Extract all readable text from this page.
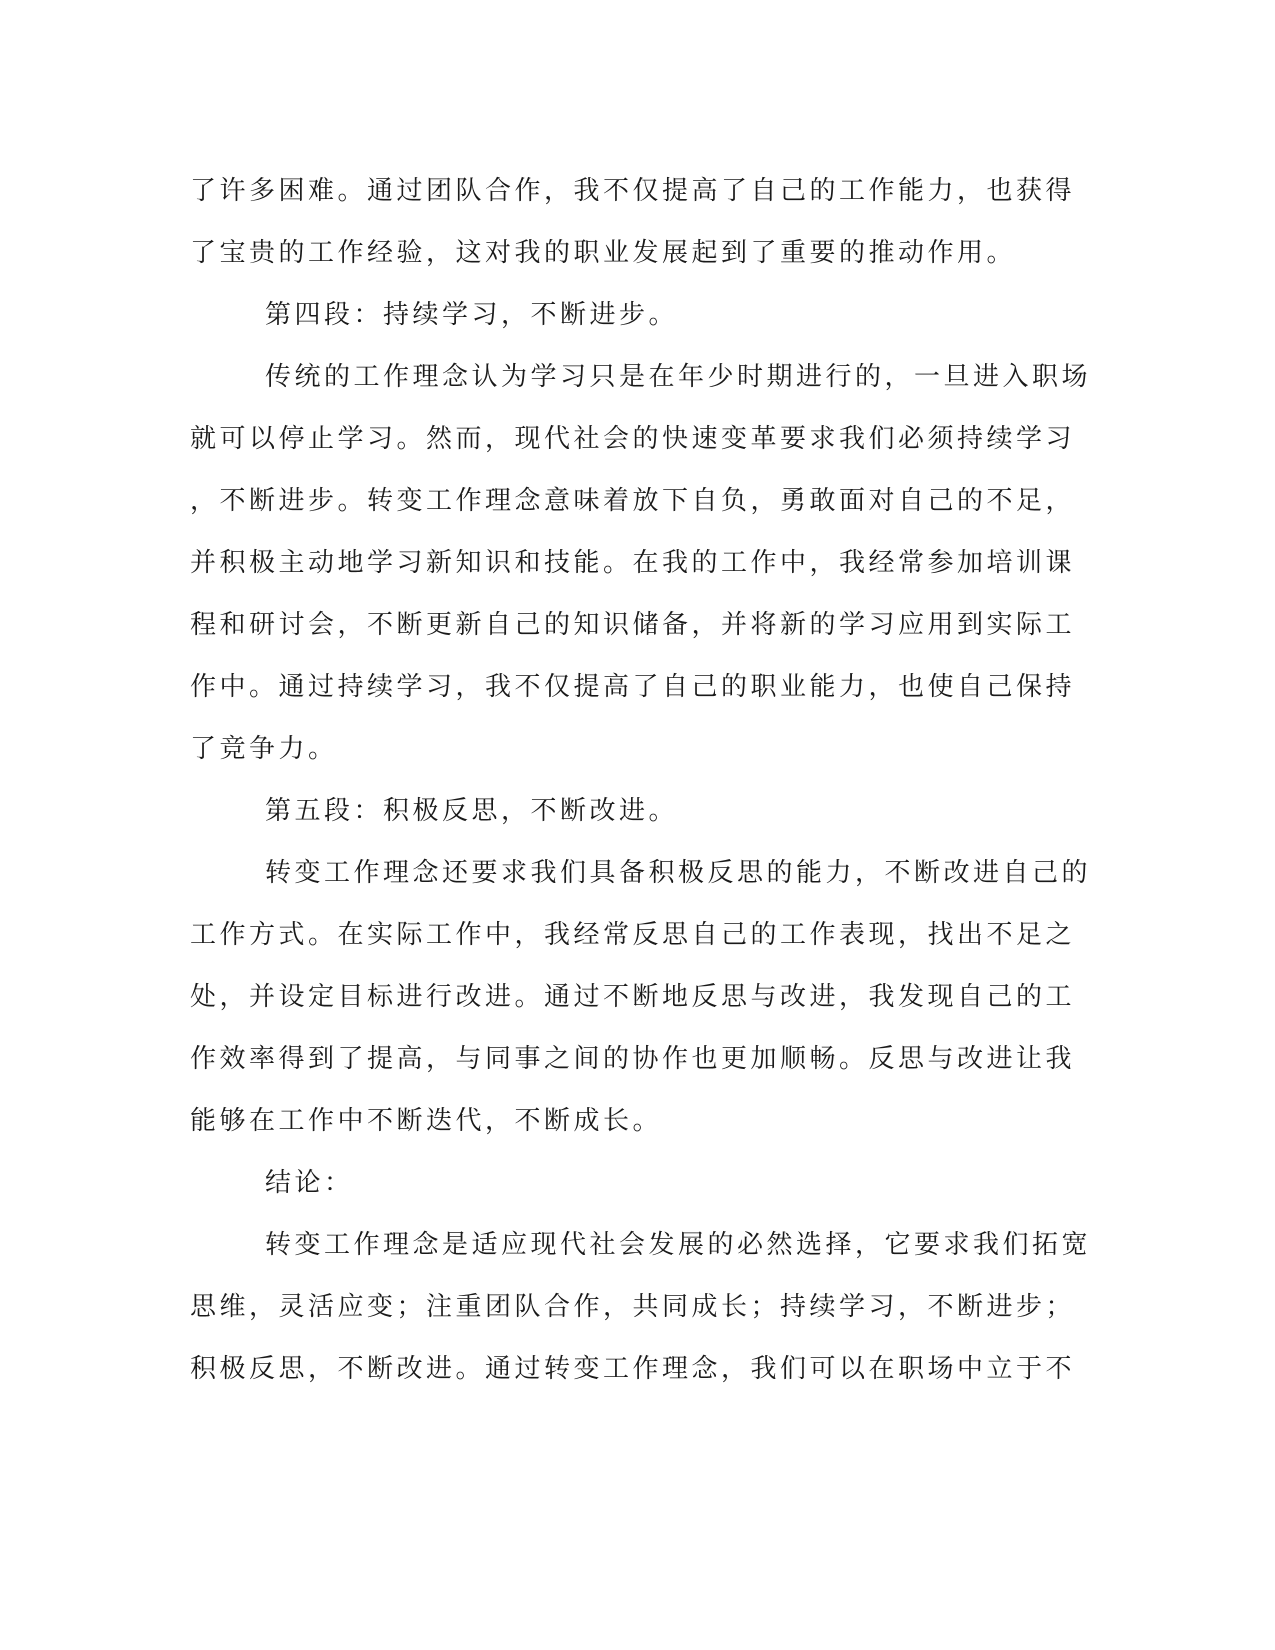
了许多困难。通过团队合作，我不仅提高了自己的工作能力，也获得
了宝贵的工作经验，这对我的职业发展起到了重要的推动作用。
第四段：持续学习，不断进步。
传统的工作理念认为学习只是在年少时期进行的，一旦进入职场
就可以停止学习。然而，现代社会的快速变革要求我们必须持续学习
，不断进步。转变工作理念意味着放下自负，勇敢面对自己的不足，
并积极主动地学习新知识和技能。在我的工作中，我经常参加培训课
程和研讨会，不断更新自己的知识储备，并将新的学习应用到实际工
作中。通过持续学习，我不仅提高了自己的职业能力，也使自己保持
了竞争力。
第五段：积极反思，不断改进。
转变工作理念还要求我们具备积极反思的能力，不断改进自己的
工作方式。在实际工作中，我经常反思自己的工作表现，找出不足之
处，并设定目标进行改进。通过不断地反思与改进，我发现自己的工
作效率得到了提高，与同事之间的协作也更加顺畅。反思与改进让我
能够在工作中不断迭代，不断成长。
结论：
转变工作理念是适应现代社会发展的必然选择，它要求我们拓宽
思维，灵活应变；注重团队合作，共同成长；持续学习，不断进步；
积极反思，不断改进。通过转变工作理念，我们可以在职场中立于不
